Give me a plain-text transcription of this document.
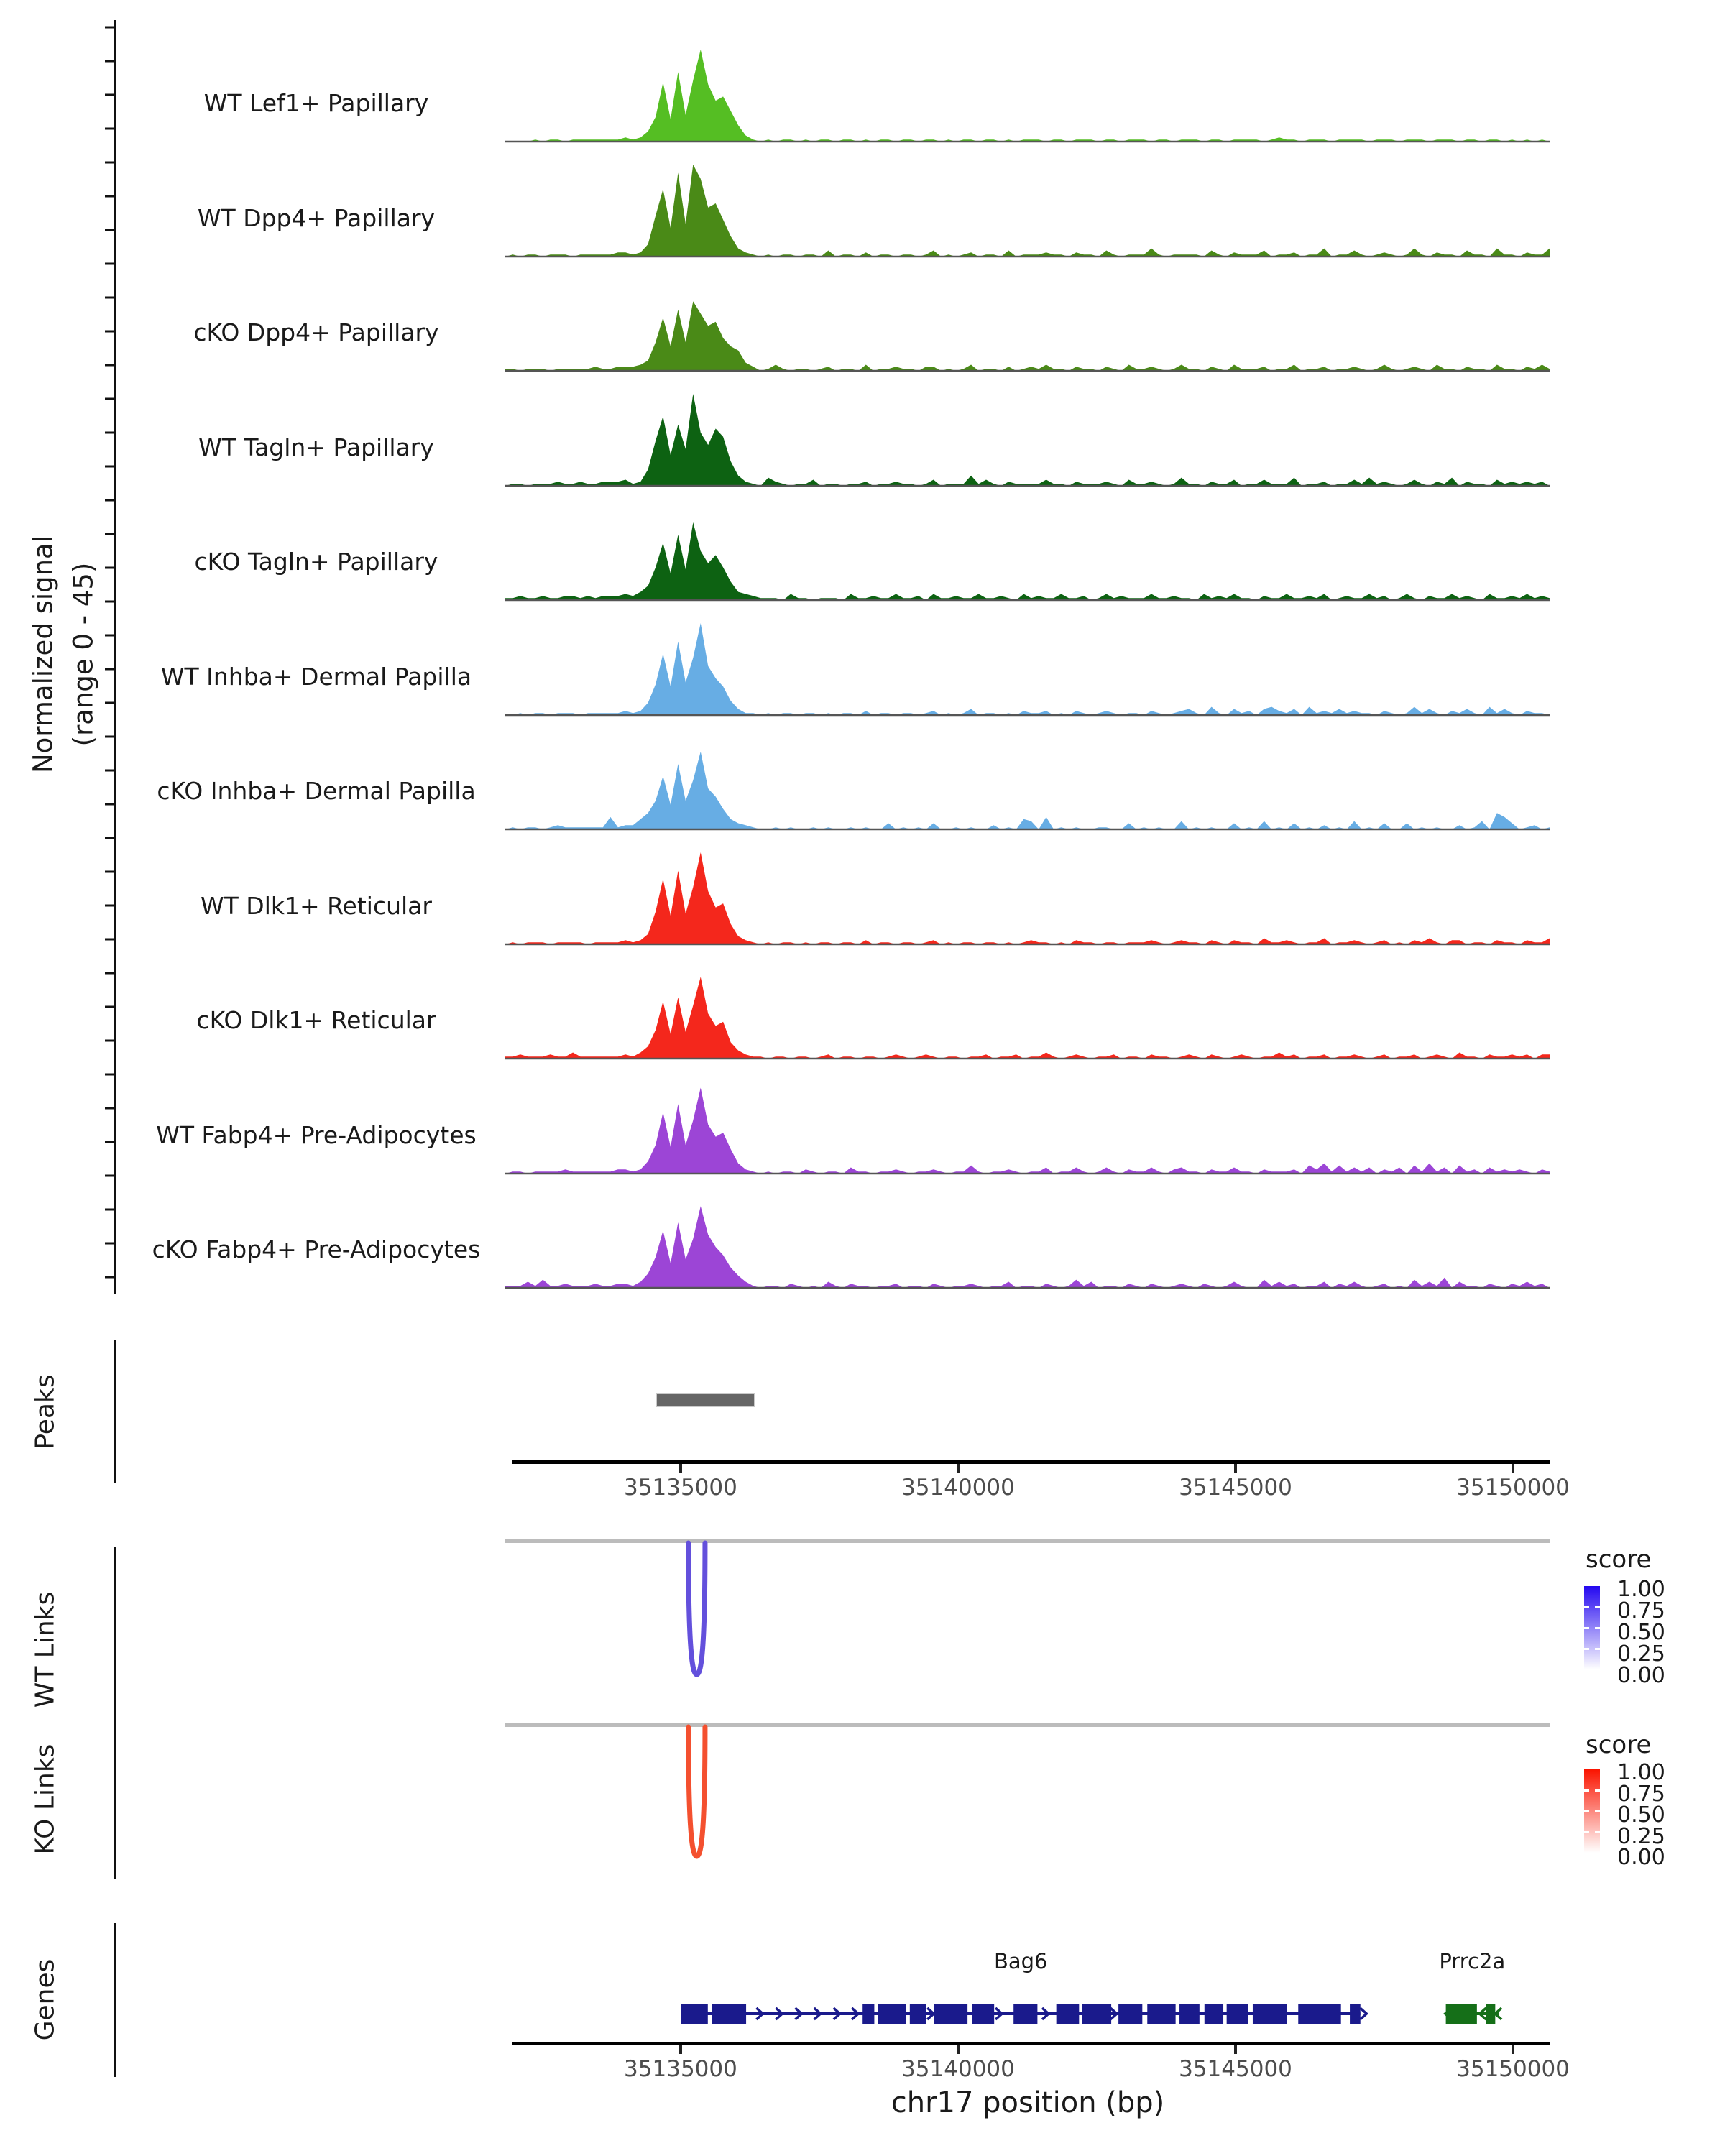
Normalized signal (range 0 - 45)
Peaks
WT Links
KO Links
Genes
chr17 position (bp)
WT Lef1+ Papillary
WT Dpp4+ Papillary
cKO Dpp4+ Papillary
WT Tagln+ Papillary
cKO Tagln+ Papillary
WT Inhba+ Dermal Papilla
cKO Inhba+ Dermal Papilla
WT Dlk1+ Reticular
cKO Dlk1+ Reticular
WT Fabp4+ Pre-Adipocytes
cKO Fabp4+ Pre-Adipocytes
35135000	35140000	35145000	35150000
35135000	35140000	35145000	35150000
score
1.00
0.75
0.50
0.25
0.00
score
1.00
0.75
0.50
0.25
0.00
Bag6	Prrc2a
